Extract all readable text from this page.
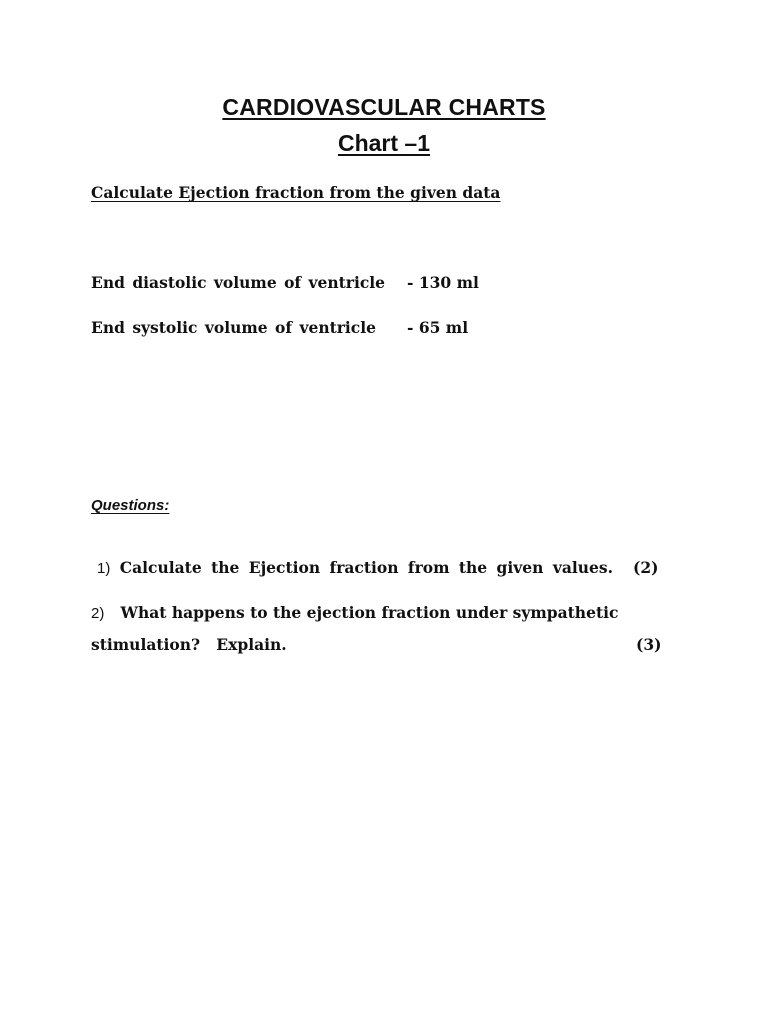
CARDIOVASCULAR CHARTS
Chart –1
Calculate Ejection fraction from the given data
End diastolic volume of ventricle - 130 ml
End systolic volume of ventricle - 65 ml
Questions:
1) Calculate the Ejection fraction from the given values. (2)
2) What happens to the ejection fraction under sympathetic
stimulation?   Explain.	(3)
